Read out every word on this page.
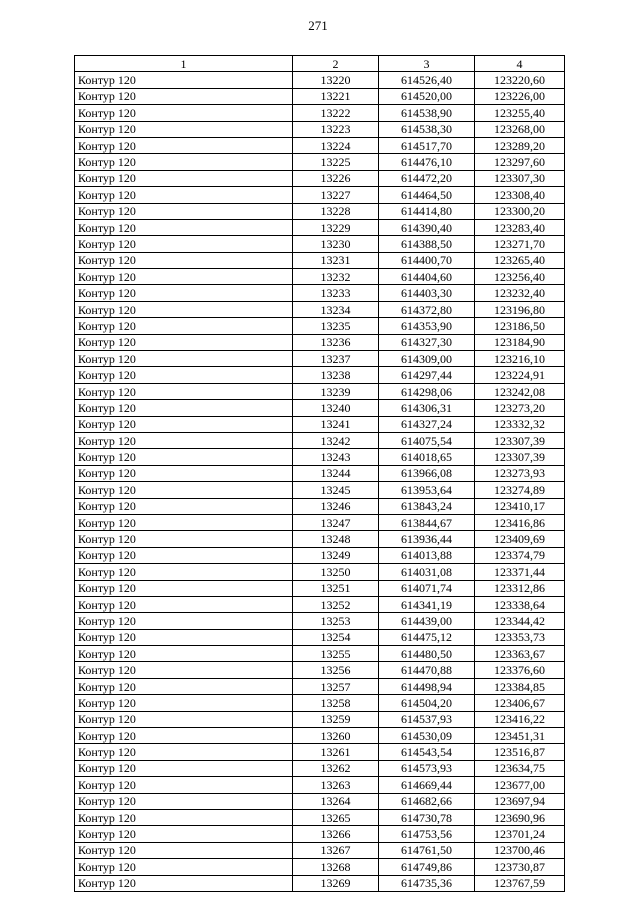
271
1	2	3	4
Контур 120	13220	614526,40	123220,60
Контур 120	13221	614520,00	123226,00
Контур 120	13222	614538,90	123255,40
Контур 120	13223	614538,30	123268,00
Контур 120	13224	614517,70	123289,20
Контур 120	13225	614476,10	123297,60
Контур 120	13226	614472,20	123307,30
Контур 120	13227	614464,50	123308,40
Контур 120	13228	614414,80	123300,20
Контур 120	13229	614390,40	123283,40
Контур 120	13230	614388,50	123271,70
Контур 120	13231	614400,70	123265,40
Контур 120	13232	614404,60	123256,40
Контур 120	13233	614403,30	123232,40
Контур 120	13234	614372,80	123196,80
Контур 120	13235	614353,90	123186,50
Контур 120	13236	614327,30	123184,90
Контур 120	13237	614309,00	123216,10
Контур 120	13238	614297,44	123224,91
Контур 120	13239	614298,06	123242,08
Контур 120	13240	614306,31	123273,20
Контур 120	13241	614327,24	123332,32
Контур 120	13242	614075,54	123307,39
Контур 120	13243	614018,65	123307,39
Контур 120	13244	613966,08	123273,93
Контур 120	13245	613953,64	123274,89
Контур 120	13246	613843,24	123410,17
Контур 120	13247	613844,67	123416,86
Контур 120	13248	613936,44	123409,69
Контур 120	13249	614013,88	123374,79
Контур 120	13250	614031,08	123371,44
Контур 120	13251	614071,74	123312,86
Контур 120	13252	614341,19	123338,64
Контур 120	13253	614439,00	123344,42
Контур 120	13254	614475,12	123353,73
Контур 120	13255	614480,50	123363,67
Контур 120	13256	614470,88	123376,60
Контур 120	13257	614498,94	123384,85
Контур 120	13258	614504,20	123406,67
Контур 120	13259	614537,93	123416,22
Контур 120	13260	614530,09	123451,31
Контур 120	13261	614543,54	123516,87
Контур 120	13262	614573,93	123634,75
Контур 120	13263	614669,44	123677,00
Контур 120	13264	614682,66	123697,94
Контур 120	13265	614730,78	123690,96
Контур 120	13266	614753,56	123701,24
Контур 120	13267	614761,50	123700,46
Контур 120	13268	614749,86	123730,87
Контур 120	13269	614735,36	123767,59
